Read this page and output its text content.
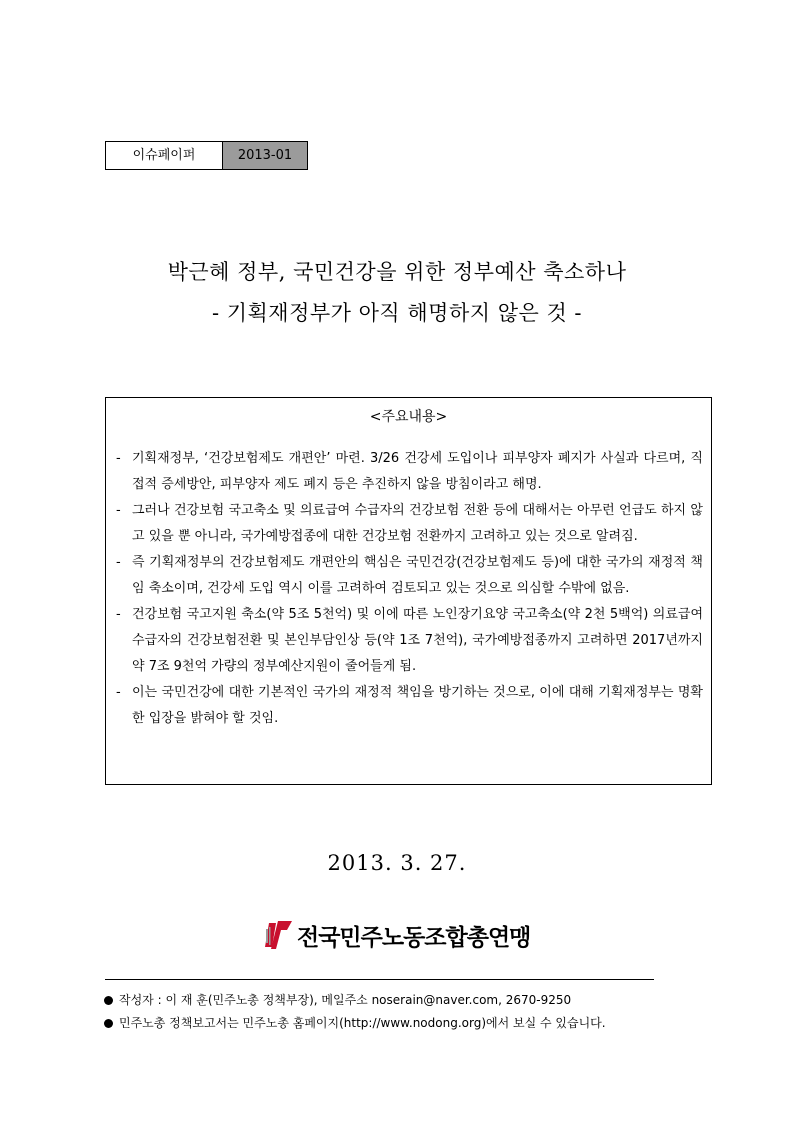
이슈페이퍼	2013-01
박근혜 정부, 국민건강을 위한 정부예산 축소하나
- 기획재정부가 아직 해명하지 않은 것 -
<주요내용>
- 기획재정부, ‘건강보험제도 개편안’ 마련. 3/26 건강세 도입이나 피부양자 폐지가 사실과 다르며, 직접적 증세방안, 피부양자 제도 폐지 등은 추진하지 않을 방침이라고 해명.
- 그러나 건강보험 국고축소 및 의료급여 수급자의 건강보험 전환 등에 대해서는 아무런 언급도 하지 않고 있을 뿐 아니라, 국가예방접종에 대한 건강보험 전환까지 고려하고 있는 것으로 알려짐.
- 즉 기획재정부의 건강보험제도 개편안의 핵심은 국민건강(건강보험제도 등)에 대한 국가의 재정적 책임 축소이며, 건강세 도입 역시 이를 고려하여 검토되고 있는 것으로 의심할 수밖에 없음.
- 건강보험 국고지원 축소(약 5조 5천억) 및 이에 따른 노인장기요양 국고축소(약 2천 5백억) 의료급여수급자의 건강보험전환 및 본인부담인상 등(약 1조 7천억), 국가예방접종까지 고려하면 2017년까지 약 7조 9천억 가량의 정부예산지원이 줄어들게 됨.
- 이는 국민건강에 대한 기본적인 국가의 재정적 책임을 방기하는 것으로, 이에 대해 기획재정부는 명확한 입장을 밝혀야 할 것임.
2013. 3. 27.
전국민주노동조합총연맹
작성자 : 이 재 훈(민주노총 정책부장), 메일주소 noserain@naver.com, 2670-9250
민주노총 정책보고서는 민주노총 홈페이지(http://www.nodong.org)에서 보실 수 있습니다.
